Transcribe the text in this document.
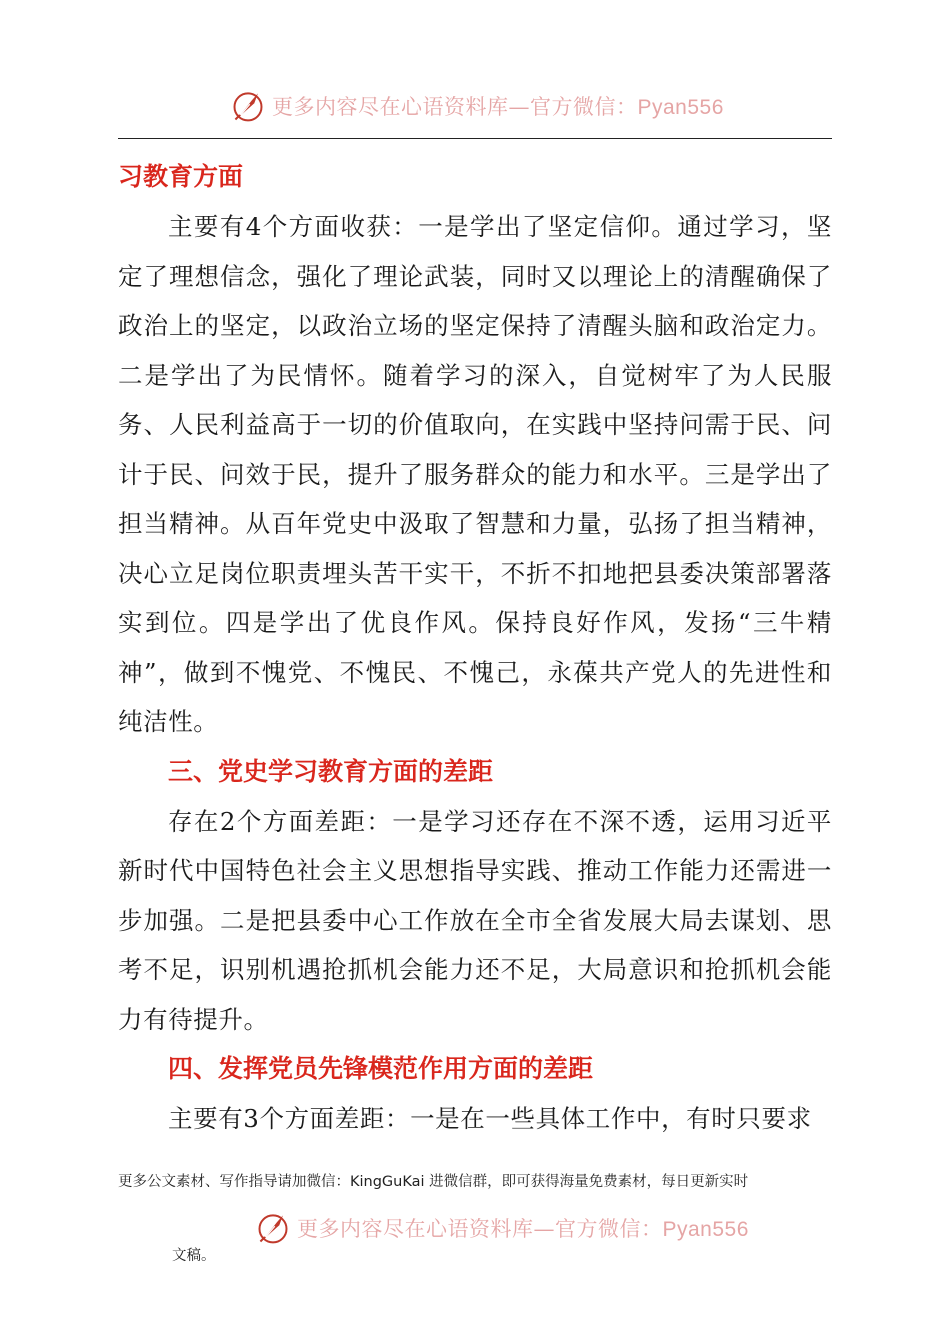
更多内容尽在心语资料库—官方微信：Pyan556
习教育方面

主要有4个方面收获：一是学出了坚定信仰。通过学习，坚定了理想信念，强化了理论武装，同时又以理论上的清醒确保了政治上的坚定，以政治立场的坚定保持了清醒头脑和政治定力。二是学出了为民情怀。随着学习的深入，自觉树牢了为人民服务、人民利益高于一切的价值取向，在实践中坚持问需于民、问计于民、问效于民，提升了服务群众的能力和水平。三是学出了担当精神。从百年党史中汲取了智慧和力量，弘扬了担当精神，决心立足岗位职责埋头苦干实干，不折不扣地把县委决策部署落实到位。四是学出了优良作风。保持良好作风，发扬“三牛精神”，做到不愧党、不愧民、不愧己，永葆共产党人的先进性和纯洁性。

三、党史学习教育方面的差距

存在2个方面差距：一是学习还存在不深不透，运用习近平新时代中国特色社会主义思想指导实践、推动工作能力还需进一步加强。二是把县委中心工作放在全市全省发展大局去谋划、思考不足，识别机遇抢抓机会能力还不足，大局意识和抢抓机会能力有待提升。

四、发挥党员先锋模范作用方面的差距

主要有3个方面差距：一是在一些具体工作中，有时只要求

更多公文素材、写作指导请加微信：KingGuKai 进微信群，即可获得海量免费素材，每日更新实时
更多内容尽在心语资料库—官方微信：Pyan556
文稿。
